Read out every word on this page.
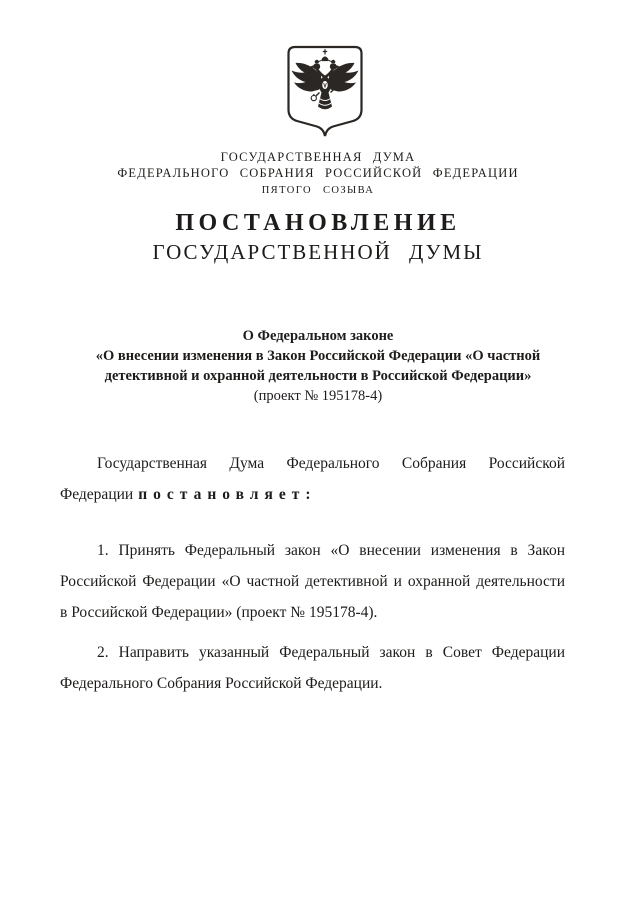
ГОСУДАРСТВЕННАЯ ДУМА
ФЕДЕРАЛЬНОГО СОБРАНИЯ РОССИЙСКОЙ ФЕДЕРАЦИИ
ПЯТОГО СОЗЫВА
ПОСТАНОВЛЕНИЕ
ГОСУДАРСТВЕННОЙ ДУМЫ
О Федеральном законе
«О внесении изменения в Закон Российской Федерации «О частной
детективной и охранной деятельности в Российской Федерации»
(проект № 195178-4)
Государственная Дума Федерального Собрания Российской
Федерации постановляет:
1. Принять Федеральный закон «О внесении изменения в Закон
Российской Федерации «О частной детективной и охранной деятельности
в Российской Федерации» (проект № 195178-4).
2. Направить указанный Федеральный закон в Совет Федерации
Федерального Собрания Российской Федерации.
